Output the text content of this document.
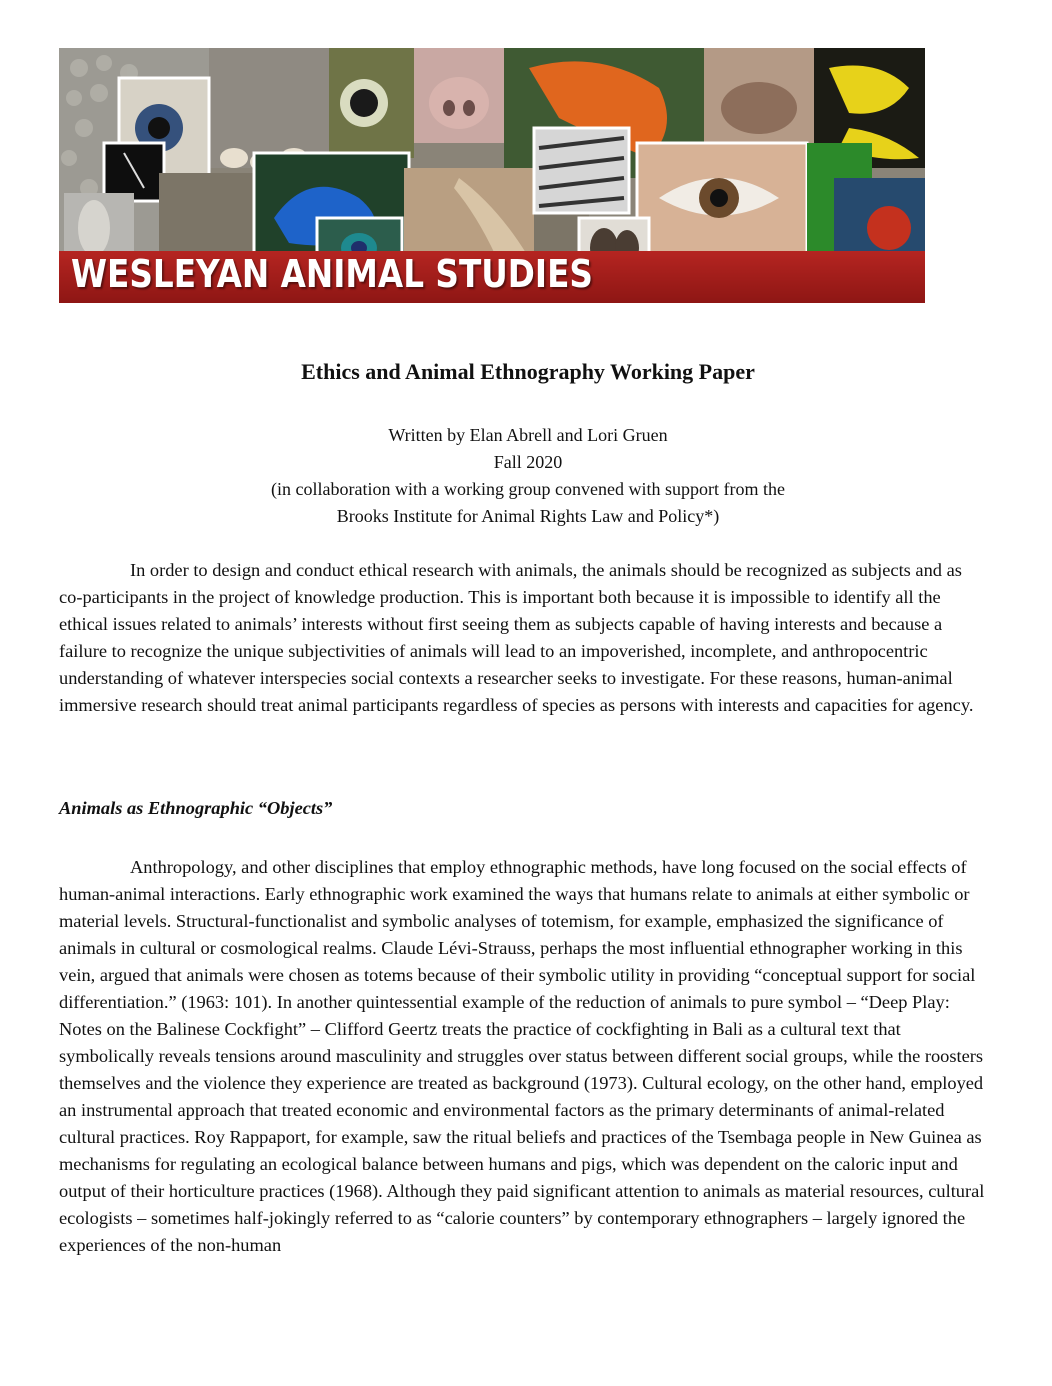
WESLEYAN ANIMAL STUDIES
Ethics and Animal Ethnography Working Paper
Written by Elan Abrell and Lori Gruen
Fall 2020
(in collaboration with a working group convened with support from the
Brooks Institute for Animal Rights Law and Policy*)

In order to design and conduct ethical research with animals, the animals should be recognized as subjects and as co-participants in the project of knowledge production. This is important both because it is impossible to identify all the ethical issues related to animals’ interests without first seeing them as subjects capable of having interests and because a failure to recognize the unique subjectivities of animals will lead to an impoverished, incomplete, and anthropocentric understanding of whatever interspecies social contexts a researcher seeks to investigate. For these reasons, human-animal immersive research should treat animal participants regardless of species as persons with interests and capacities for agency.

Animals as Ethnographic “Objects”

Anthropology, and other disciplines that employ ethnographic methods, have long focused on the social effects of human-animal interactions. Early ethnographic work examined the ways that humans relate to animals at either symbolic or material levels. Structural-functionalist and symbolic analyses of totemism, for example, emphasized the significance of animals in cultural or cosmological realms. Claude Lévi-Strauss, perhaps the most influential ethnographer working in this vein, argued that animals were chosen as totems because of their symbolic utility in providing “conceptual support for social differentiation.” (1963: 101). In another quintessential example of the reduction of animals to pure symbol – “Deep Play: Notes on the Balinese Cockfight” – Clifford Geertz treats the practice of cockfighting in Bali as a cultural text that symbolically reveals tensions around masculinity and struggles over status between different social groups, while the roosters themselves and the violence they experience are treated as background (1973). Cultural ecology, on the other hand, employed an instrumental approach that treated economic and environmental factors as the primary determinants of animal-related cultural practices. Roy Rappaport, for example, saw the ritual beliefs and practices of the Tsembaga people in New Guinea as mechanisms for regulating an ecological balance between humans and pigs, which was dependent on the caloric input and output of their horticulture practices (1968). Although they paid significant attention to animals as material resources, cultural ecologists – sometimes half-jokingly referred to as “calorie counters” by contemporary ethnographers – largely ignored the experiences of the non-human
